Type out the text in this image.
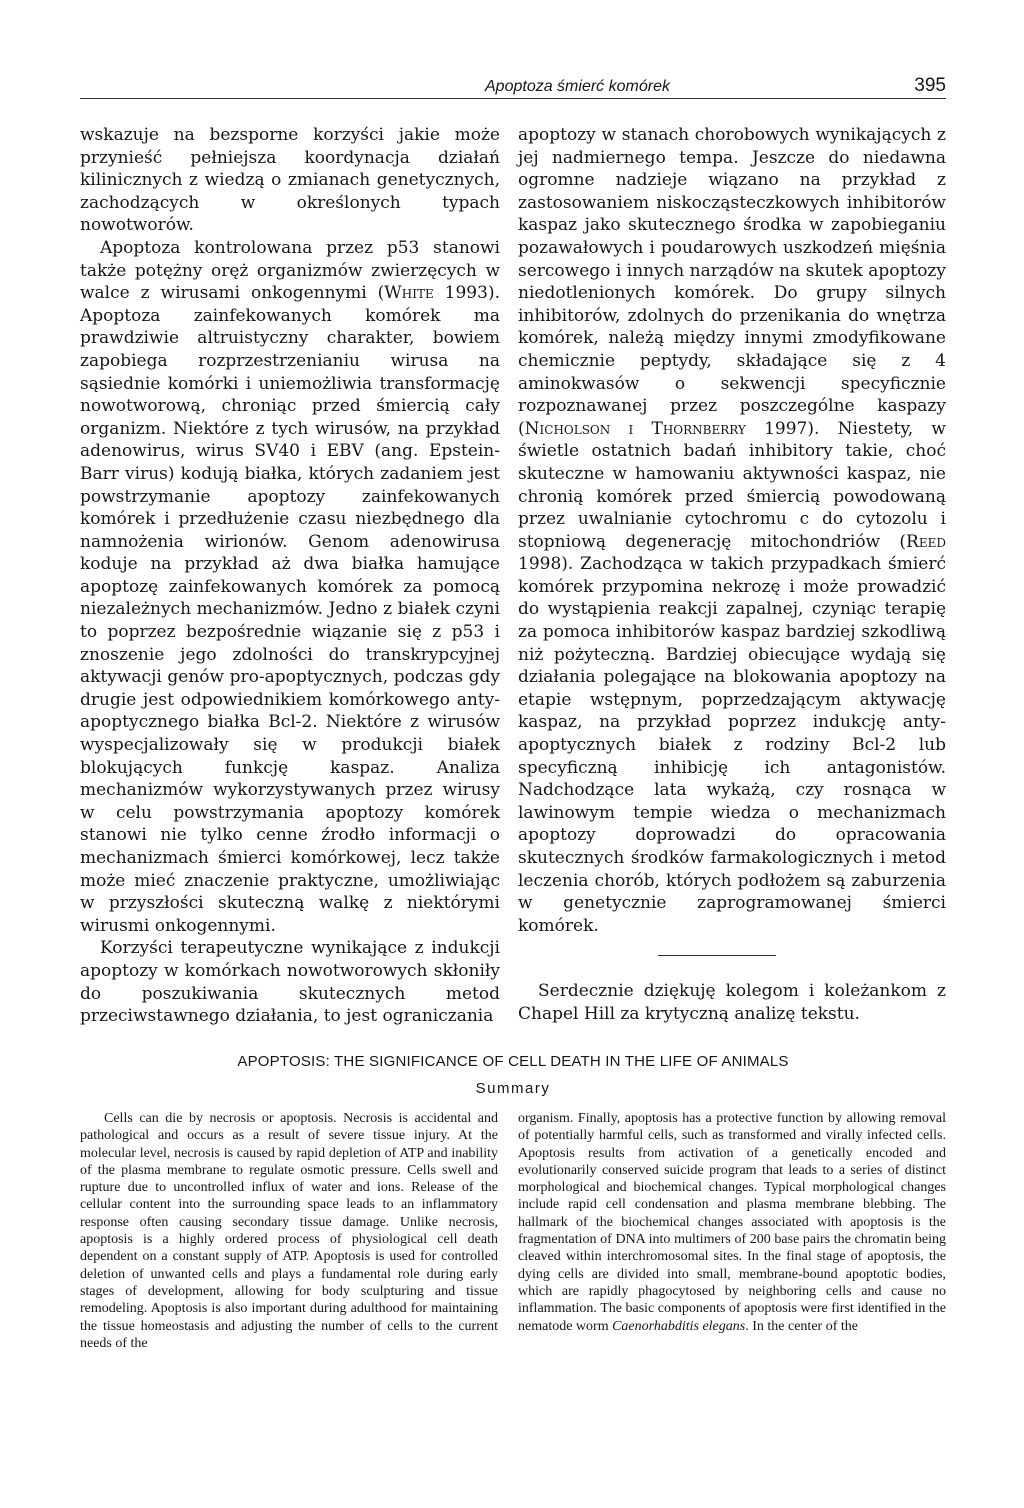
Apoptoza śmierć komórek	395

wskazuje na bezsporne korzyści jakie może przynieść pełniejsza koordynacja działań kilinicznych z wiedzą o zmianach genetycznych, zachodzących w określonych typach nowotworów.

Apoptoza kontrolowana przez p53 stanowi także potężny oręż organizmów zwierzęcych w walce z wirusami onkogennymi (White 1993). Apoptoza zainfekowanych komórek ma prawdziwie altruistyczny charakter, bowiem zapobiega rozprzestrzenianiu wirusa na sąsiednie komórki i uniemożliwia transformację nowotworową, chroniąc przed śmiercią cały organizm. Niektóre z tych wirusów, na przykład adenowirus, wirus SV40 i EBV (ang. Epstein-Barr virus) kodują białka, których zadaniem jest powstrzymanie apoptozy zainfekowanych komórek i przedłużenie czasu niezbędnego dla namnożenia wirionów. Genom adenowirusa koduje na przykład aż dwa białka hamujące apoptozę zainfekowanych komórek za pomocą niezależnych mechanizmów. Jedno z białek czyni to poprzez bezpośrednie wiązanie się z p53 i znoszenie jego zdolności do transkrypcyjnej aktywacji genów pro-apoptycznych, podczas gdy drugie jest odpowiednikiem komórkowego anty-apoptycznego białka Bcl-2. Niektóre z wirusów wyspecjalizowały się w produkcji białek blokujących funkcję kaspaz. Analiza mechanizmów wykorzystywanych przez wirusy w celu powstrzymania apoptozy komórek stanowi nie tylko cenne źrodło informacji o mechanizmach śmierci komórkowej, lecz także może mieć znaczenie praktyczne, umożliwiając w przyszłości skuteczną walkę z niektórymi wirusmi onkogennymi.

Korzyści terapeutyczne wynikające z indukcji apoptozy w komórkach nowotworowych skłoniły do poszukiwania skutecznych metod przeciwstawnego działania, to jest ograniczania

apoptozy w stanach chorobowych wynikających z jej nadmiernego tempa. Jeszcze do niedawna ogromne nadzieje wiązano na przykład z zastosowaniem niskocząsteczkowych inhibitorów kaspaz jako skutecznego środka w zapobieganiu pozawałowych i poudarowych uszkodzeń mięśnia sercowego i innych narządów na skutek apoptozy niedotlenionych komórek. Do grupy silnych inhibitorów, zdolnych do przenikania do wnętrza komórek, należą między innymi zmodyfikowane chemicznie peptydy, składające się z 4 aminokwasów o sekwencji specyficznie rozpoznawanej przez poszczególne kaspazy (Nicholson i Thornberry 1997). Niestety, w świetle ostatnich badań inhibitory takie, choć skuteczne w hamowaniu aktywności kaspaz, nie chronią komórek przed śmiercią powodowaną przez uwalnianie cytochromu c do cytozolu i stopniową degenerację mitochondriów (Reed 1998). Zachodząca w takich przypadkach śmierć komórek przypomina nekrozę i może prowadzić do wystąpienia reakcji zapalnej, czyniąc terapię za pomoca inhibitorów kaspaz bardziej szkodliwą niż pożyteczną. Bardziej obiecujące wydają się działania polegające na blokowania apoptozy na etapie wstępnym, poprzedzającym aktywację kaspaz, na przykład poprzez indukcję anty-apoptycznych białek z rodziny Bcl-2 lub specyficzną inhibicję ich antagonistów. Nadchodzące lata wykażą, czy rosnąca w lawinowym tempie wiedza o mechanizmach apoptozy doprowadzi do opracowania skutecznych środków farmakologicznych i metod leczenia chorób, których podłożem są zaburzenia w genetycznie zaprogramowanej śmierci komórek.

Serdecznie dziękuję kolegom i koleżankom z Chapel Hill za krytyczną analizę tekstu.

APOPTOSIS: THE SIGNIFICANCE OF CELL DEATH IN THE LIFE OF ANIMALS
Summary

Cells can die by necrosis or apoptosis. Necrosis is accidental and pathological and occurs as a result of severe tissue injury. At the molecular level, necrosis is caused by rapid depletion of ATP and inability of the plasma membrane to regulate osmotic pressure. Cells swell and rupture due to uncontrolled influx of water and ions. Release of the cellular content into the surrounding space leads to an inflammatory response often causing secondary tissue damage. Unlike necrosis, apoptosis is a highly ordered process of physiological cell death dependent on a constant supply of ATP. Apoptosis is used for controlled deletion of unwanted cells and plays a fundamental role during early stages of development, allowing for body sculpturing and tissue remodeling. Apoptosis is also important during adulthood for maintaining the tissue homeostasis and adjusting the number of cells to the current needs of the

organism. Finally, apoptosis has a protective function by allowing removal of potentially harmful cells, such as transformed and virally infected cells. Apoptosis results from activation of a genetically encoded and evolutionarily conserved suicide program that leads to a series of distinct morphological and biochemical changes. Typical morphological changes include rapid cell condensation and plasma membrane blebbing. The hallmark of the biochemical changes associated with apoptosis is the fragmentation of DNA into multimers of 200 base pairs the chromatin being cleaved within interchromosomal sites. In the final stage of apoptosis, the dying cells are divided into small, membrane-bound apoptotic bodies, which are rapidly phagocytosed by neighboring cells and cause no inflammation. The basic components of apoptosis were first identified in the nematode worm Caenorhabditis elegans. In the center of the
